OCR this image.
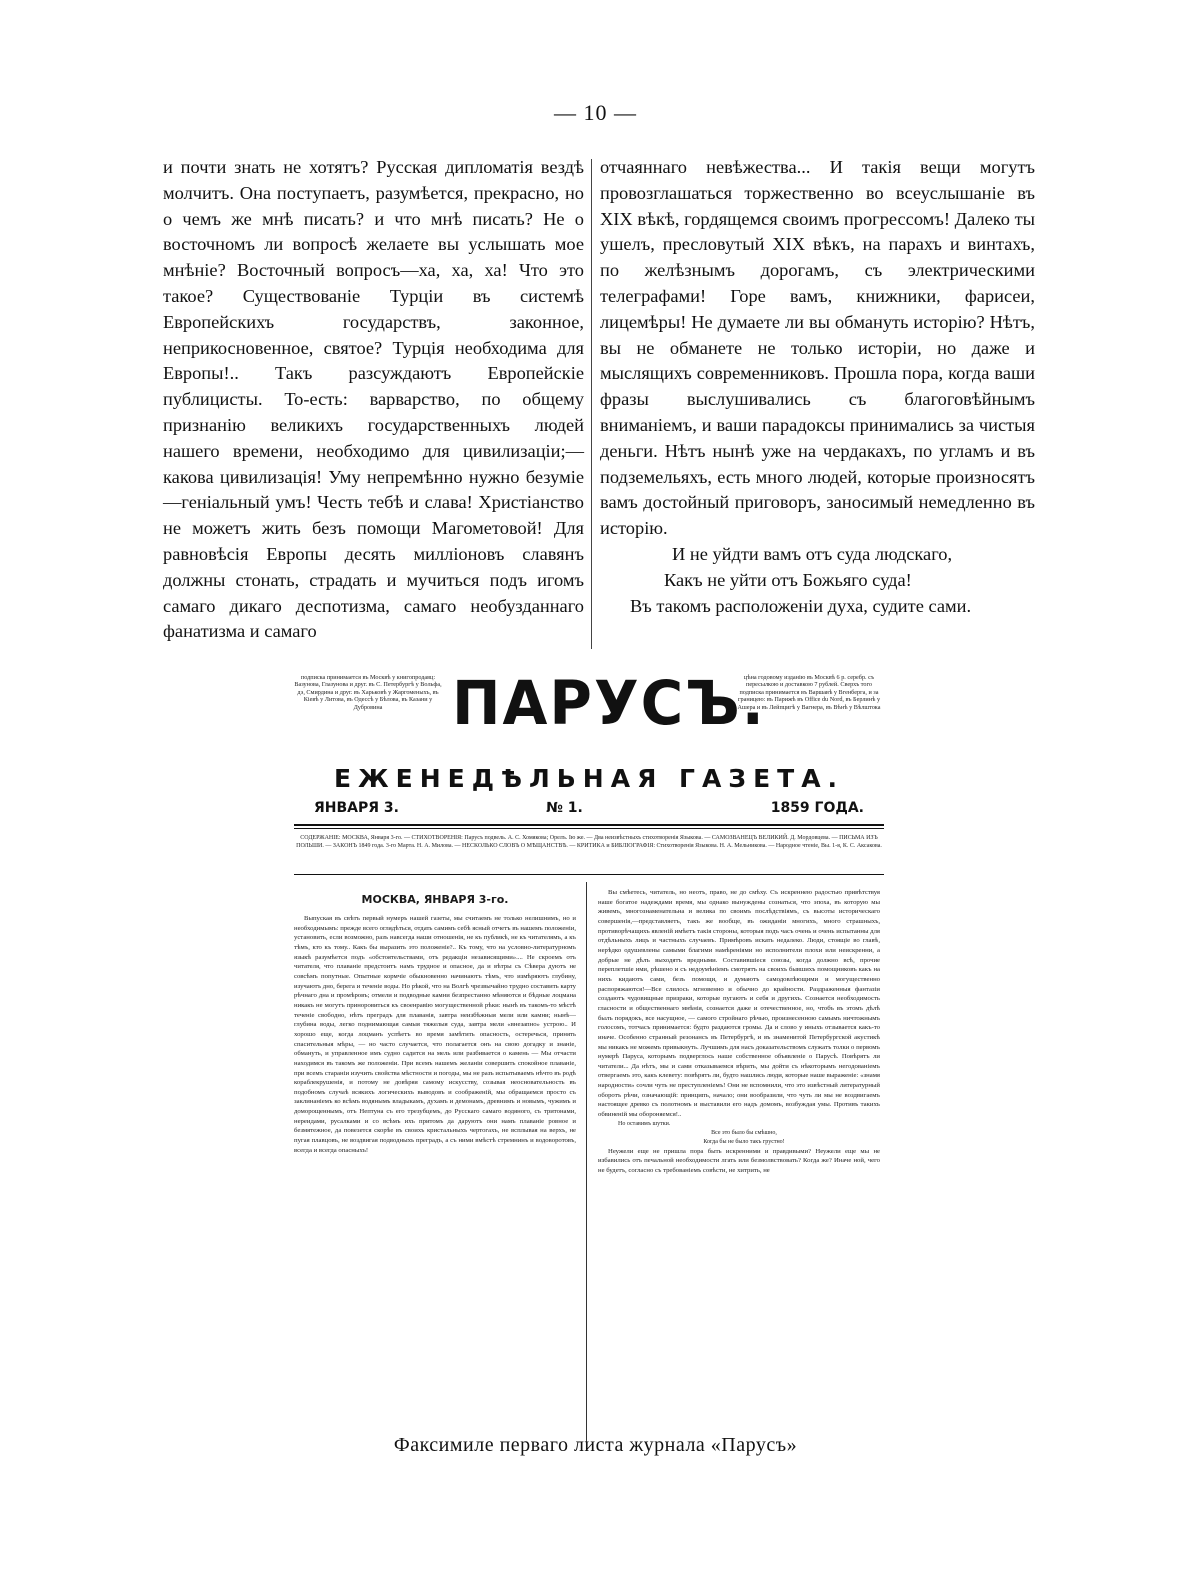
— 10 —

и почти знать не хотятъ? Русская дипломатія вездѣ молчитъ. Она поступаетъ, разумѣется, прекрасно, но о чемъ же мнѣ писать? и что мнѣ писать? Не о восточномъ ли вопросѣ желаете вы услышать мое мнѣніе? Восточный вопросъ—ха, ха, ха! Что это такое? Существованіе Турціи въ системѣ Европейскихъ государствъ, законное, неприкосновенное, святое? Турція необходима для Европы!.. Такъ разсуждаютъ Европейскіе публицисты. То-есть: варварство, по общему признанію великихъ государственныхъ людей нашего времени, необходимо для цивилизаціи;—какова цивилизація! Уму непремѣнно нужно безуміе—геніальный умъ! Честь тебѣ и слава! Христіанство не можетъ жить безъ помощи Магометовой! Для равновѣсія Европы десять милліоновъ славянъ должны стонать, страдать и мучиться подъ игомъ самаго дикаго деспотизма, самаго необузданнаго фанатизма и самаго

отчаяннаго невѣжества... И такія вещи могутъ провозглашаться торжественно во всеуслышаніе въ XIX вѣкѣ, гордящемся своимъ прогрессомъ! Далеко ты ушелъ, пресловутый XIX вѣкъ, на парахъ и винтахъ, по желѣзнымъ дорогамъ, съ электрическими телеграфами! Горе вамъ, книжники, фарисеи, лицемѣры! Не думаете ли вы обмануть исторію? Нѣтъ, вы не обманете не только исторіи, но даже и мыслящихъ современниковъ. Прошла пора, когда ваши фразы выслушивались съ благоговѣйнымъ вниманіемъ, и ваши парадоксы принимались за чистыя деньги. Нѣтъ нынѣ уже на чердакахъ, по угламъ и въ подземельяхъ, есть много людей, которые произносятъ вамъ достойный приговоръ, заносимый немедленно въ исторію.

И не уйдти вамъ отъ суда людскаго,

Какъ не уйти отъ Божьяго суда!

Въ такомъ расположеніи духа, судите сами.

подписка принимается въ Москвѣ у книгопродавц: Вазунова, Глазунова и друг. въ С. Петербургѣ у Вольфа, дэ, Смирдина и друг. въ Харьковѣ у Жаргоменыхъ, въ Кіевѣ у Литова, въ Одессѣ у Бѣлова, въ Казани у Дубровина	ПАРУСЪ.
цѣна годовому изданію въ Москвѣ 6 р. серебр. съ пересылкою и доставкою 7 рублей. Сверхъ того подписка принимается въ Варшавѣ у Вгенберга, и за границею: въ Парижѣ въ Office du Nord, въ Берлинѣ у Ашера и въ Лейпцигѣ у Вагнера, въ Вѣнѣ у Вѣлштока
ЕЖЕНЕДѢЛЬНАЯ ГАЗЕТА.
ЯНВАРЯ 3.	№ 1.	1859 ГОДА.
СОДЕРЖАНІЕ: МОСКВА, Января 3-го. — СТИХОТВОРЕНІЯ: Парусъ подвель. А. С. Хомякова; Орелъ. Ію же. — Два неизвѣстныхъ стихотворенія Языкова. — САМОЗВАНЕЦЪ ВЕЛИКИЙ. Д. Мордовцева. — ПИСЬМА ИЗЪ ПОЛЬШИ. — ЗАКОНЪ 1849 года. 3-го Марта. Н. А. Милова. — НЕСКОЛЬКО СЛОВЪ О МѢЩАНСТВѢ. — КРИТИКА и БИБЛІОГРАФІЯ: Стихотворенія Языкова. Н. А. Мельникова. — Народное чтеніе, Вы. 1-я, К. С. Аксакова.
МОСКВА, ЯНВАРЯ 3-го.

Выпуская въ свѣтъ первый нумеръ нашей газеты, мы считаемъ не только нелишнимъ, но и необходимымъ: прежде всего оглядѣться, отдать самимъ себѣ ясный отчетъ въ нашемъ положеніи, установить, если возможно, разъ навсегда наши отношенія, не къ публикѣ, не къ читателямъ, а къ тѣмъ, кто къ тому.. Какъ бы выразить это положеніе?.. Къ тому, что на условно-литературномъ языкѣ разумѣется подъ «обстоятельствами, отъ редакціи независящими».... Не скроемъ отъ читателя, что плаваніе предстоитъ намъ трудное и опасное, да и вѣтры съ Сѣвера дуютъ не совсѣмъ попутные. Опытные кормчіе обыкновенно начинаютъ тѣмъ, что измѣряютъ глубину, изучаютъ дно, берега и теченіе воды. Но рѣкой, что на Волгѣ чрезвычайно трудно составить карту рѣчнаго дна и промѣровъ; отмели и подводные камни безпрестанно мѣняются и бѣдные лоцмана никакъ не могутъ приноровиться къ своенравію могущественной рѣки: нынѣ въ такомъ-то мѣстѣ теченіе свободно, нѣтъ преградъ для плаванія, завтра неизбѣжныя мели или камни; нынѣ—глубина воды, легко поднимающая самыя тяжелыя суда, завтра мели «внезапно» устрою.. И хорошо еще, когда лоцманъ успѣетъ во время замѣтить опасность, остеречься, принять спасительныя мѣры, — но часто случается, что полагается онъ на свою догадку и знаніе, обмануть, и управленное имъ судно садится на мель или разбивается о камень — Мы отчасти находимся въ такомъ же положеніи. При всемъ нашемъ желаніи совершить спокойное плаваніе, при всемъ стараніи изучить свойства мѣстности и погоды, мы не разъ испытываемъ нѣчто въ родѣ кораблекрушенія, и потому не довѣряя самому искусству, созывая неосновательность въ подобномъ случаѣ всякихъ логическихъ выводовъ и соображеній, мы обращаемся просто съ заклинаніемъ ко всѣмъ водянымъ владыкамъ, духамъ и демонамъ, древнимъ и новымъ, чужимъ и доморощеннымъ, отъ Нептуна съ его трезубцемъ, до Русскаго самаго водяного, съ тритонами, нереидами, русалками и со всѣмъ ихъ притомъ да даруютъ они намъ плаваніе ровное и безмятежное, да повезется скорѣе въ своихъ кристальныхъ чертогахъ, не всплывая на верхъ, не пугая плавцовъ, не воздвигая подводныхъ преградъ, а съ ними вмѣстѣ стремнинъ и водоворотовъ, всегда и всегда опасныхъ!

Вы смѣетесь, читатель, но неотъ, право, не до смѣху. Съ искреннею радостью привѣтствуя наше богатое надеждами время, мы однако вынуждены сознаться, что эпоха, въ которую мы живемъ, многознаменательна и велика по своимъ послѣдствіямъ, съ высоты историческаго совершенія,—представляетъ, такъ же вообще, въ ожиданіи многихъ, много страшныхъ, противорѣчащихъ явленій имѣетъ такія стороны, которыя подъ часъ очень и очень испытанны для отдѣльныхъ лицъ и частныхъ случаевъ. Примѣровъ искать недалеко. Люди, стоящіе во главѣ, нерѣдко одушевлены самыми благими намѣреніями но исполнители плохи или неискренни, а добрые не дѣлъ выходятъ вредными. Составившіеся союзы, когда должно всѣ, прочие переплетшіе ими, рѣшено и съ недоумѣніемъ смотрятъ на своихъ бывшихъ помощниковъ какъ на нихъ кидаютъ сами, безъ помощи, и думаютъ самодовлѣющими и могущественно распоряжаются!—Все слилось мгновенно и обычно до крайности. Раздраженныя фантазіи создаютъ чудовищные призраки, которые пугаютъ и себя и другихъ. Сознается необходимость гласности и общественнаго мнѣнія, сознается даже и отечественное, но, чтобъ въ этомъ дѣлѣ былъ порядокъ, все насущное, — самого стройнаго рѣчью, произнесенною самымъ ничтожнымъ голосомъ, тотчасъ принимается: будто раздаются громы. Да и слово у иныхъ отзывается какъ-то иначе. Особенно странный резонансъ въ Петербургѣ, и въ знаменитой Петербургской акустикѣ мы никакъ не можемъ привыкнуть. Лучшимъ для насъ доказательствомъ служатъ толки о первомъ нумерѣ Паруса, которымъ подверглось наше собственное объявленіе о Парусѣ. Повѣрятъ ли читатели... Да нѣтъ, мы и сами отказываемся вѣрить, мы дойти съ нѣкоторымъ негодованіемъ отвергаемъ это, какъ клевету: повѣрятъ ли, будто нашлись люди, которые наше выраженіе: «знамя народности» сочли чуть не преступленіемъ! Они не вспомнили, что это извѣстный литературный оборотъ рѣчи, означающій: принципъ, начало; они вообразили, что чуть ли мы не воздвигаемъ настоящее древко съ полотномъ и выставили его надъ домомъ, возбуждая умы. Противъ такихъ обвиненій мы обороняемся!..

Но оставимъ шутки.

Все это было бы смѣшно,

Когда бы не было такъ грустно!

Неужели еще не пришла пора быть искренними и правдивыми? Неужели еще мы не избавились отъ печальной необходимости лгать или безмолвствовать? Когда же? Иначе ной, чего не будетъ, согласно съ требованіемъ совѣсти, не хитрить, не

Факсимиле перваго листа журнала «Парусъ»
